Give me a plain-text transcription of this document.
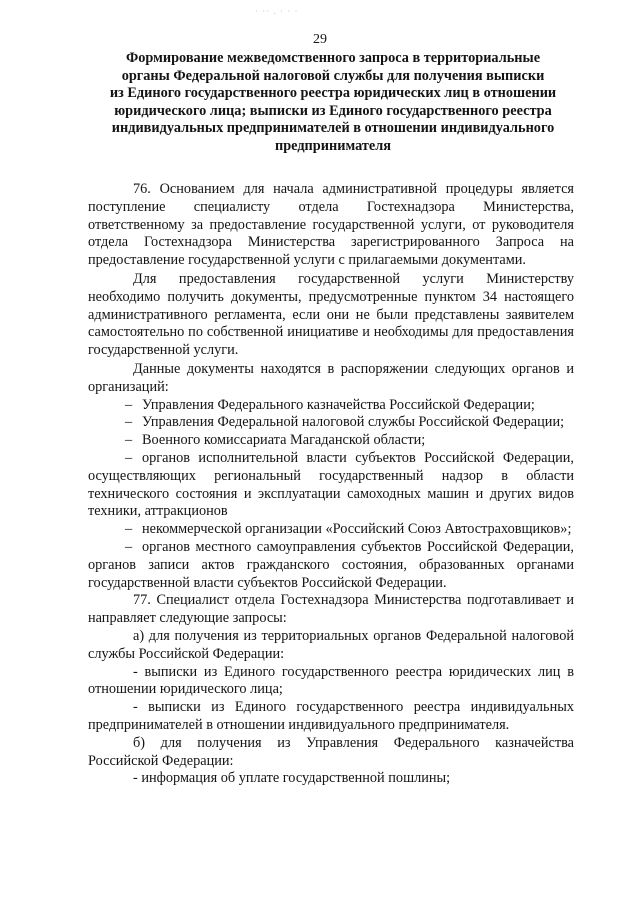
· ·· . · · ·
29
Формирование межведомственного запроса в территориальные
органы Федеральной налоговой службы для получения выписки
из Единого государственного реестра юридических лиц в отношении
юридического лица; выписки из Единого государственного реестра
индивидуальных предпринимателей в отношении индивидуального
предпринимателя

76. Основанием для начала административной процедуры является поступление специалисту отдела Гостехнадзора Министерства, ответственному за предоставление государственной услуги, от руководителя отдела Гостехнадзора Министерства зарегистрированного Запроса на предоставление государственной услуги с прилагаемыми документами.

Для предоставления государственной услуги Министерству необходимо получить документы, предусмотренные пунктом 34 настоящего административного регламента, если они не были представлены заявителем самостоятельно по собственной инициативе и необходимы для предоставления государственной услуги.

Данные документы находятся в распоряжении следующих органов и организаций:

– Управления Федерального казначейства Российской Федерации;

– Управления Федеральной налоговой службы Российской Федерации;

– Военного комиссариата Магаданской области;

– органов исполнительной власти субъектов Российской Федерации, осуществляющих региональный государственный надзор в области технического состояния и эксплуатации самоходных машин и других видов техники, аттракционов

– некоммерческой организации «Российский Союз Автостраховщиков»;

– органов местного самоуправления субъектов Российской Федерации, органов записи актов гражданского состояния, образованных органами государственной власти субъектов Российской Федерации.

77. Специалист отдела Гостехнадзора Министерства подготавливает и направляет следующие запросы:

а) для получения из территориальных органов Федеральной налоговой службы Российской Федерации:

- выписки из Единого государственного реестра юридических лиц в отношении юридического лица;

- выписки из Единого государственного реестра индивидуальных предпринимателей в отношении индивидуального предпринимателя.

б) для получения из Управления Федерального казначейства Российской Федерации:

- информация об уплате государственной пошлины;
